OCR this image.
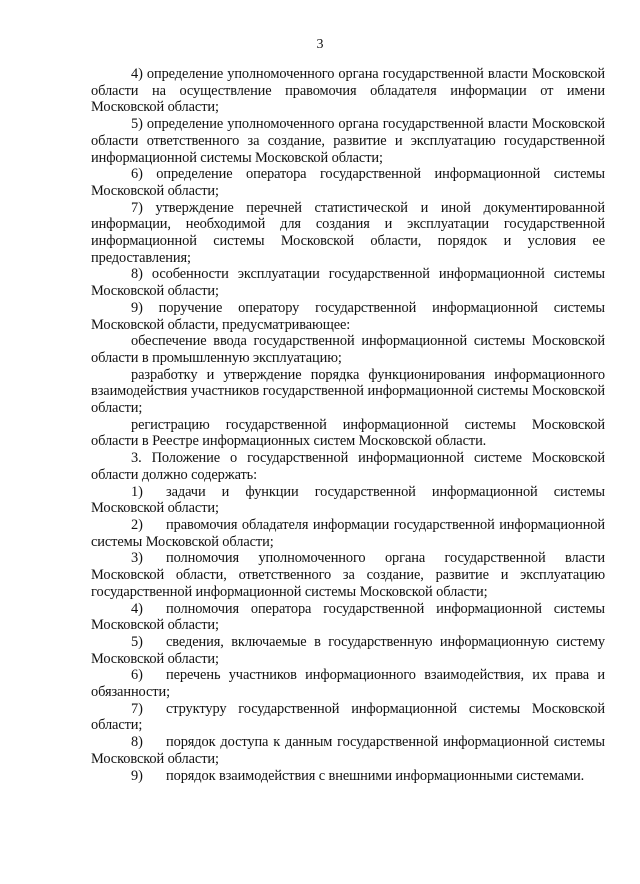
3

4) определение уполномоченного органа государственной власти Московской области на осуществление правомочия обладателя информации от имени Московской области;

5) определение уполномоченного органа государственной власти Московской области ответственного за создание, развитие и эксплуатацию государственной информационной системы Московской области;

6) определение оператора государственной информационной системы Московской области;

7) утверждение перечней статистической и иной документированной информации, необходимой для создания и эксплуатации государственной информационной системы Московской области, порядок и условия ее предоставления;

8) особенности эксплуатации государственной информационной системы Московской области;

9) поручение оператору государственной информационной системы Московской области, предусматривающее:

обеспечение ввода государственной информационной системы Московской области в промышленную эксплуатацию;

разработку и утверждение порядка функционирования информационного взаимодействия участников государственной информационной системы Московской области;

регистрацию государственной информационной системы Московской области в Реестре информационных систем Московской области.

3. Положение о государственной информационной системе Московской области должно содержать:

1) задачи и функции государственной информационной системы Московской области;

2) правомочия обладателя информации государственной информационной системы Московской области;

3) полномочия уполномоченного органа государственной власти Московской области, ответственного за создание, развитие и эксплуатацию государственной информационной системы Московской области;

4) полномочия оператора государственной информационной системы Московской области;

5) сведения, включаемые в государственную информационную систему Московской области;

6) перечень участников информационного взаимодействия, их права и обязанности;

7) структуру государственной информационной системы Московской области;

8) порядок доступа к данным государственной информационной системы Московской области;

9) порядок взаимодействия с внешними информационными системами.
